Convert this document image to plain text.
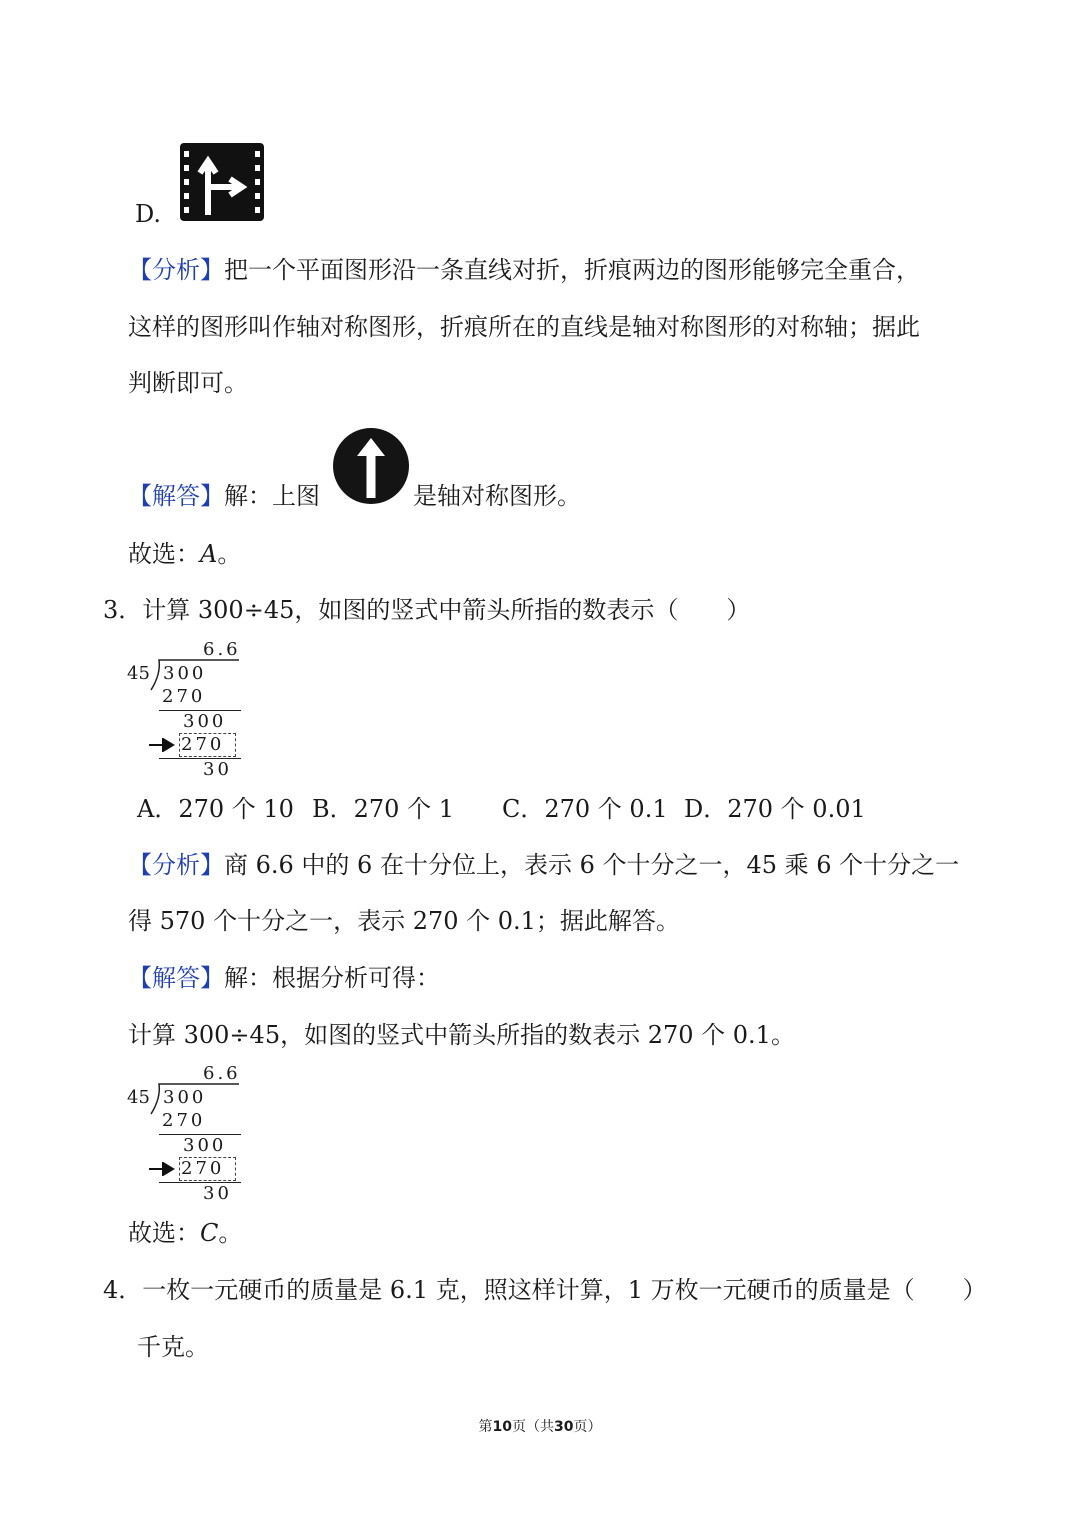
D.
【分析】把一个平面图形沿一条直线对折，折痕两边的图形能够完全重合，
这样的图形叫作轴对称图形，折痕所在的直线是轴对称图形的对称轴；据此
判断即可。
【解答】解：上图	是轴对称图形。
故选：A。
3．计算 300÷45，如图的竖式中箭头所指的数表示（　　）
6.6
45 300
270
300
270
30
A．270 个 10 B．270 个 1 C．270 个 0.1 D．270 个 0.01
【分析】商 6.6 中的 6 在十分位上，表示 6 个十分之一，45 乘 6 个十分之一
得 570 个十分之一，表示 270 个 0.1；据此解答。
【解答】解：根据分析可得：
计算 300÷45，如图的竖式中箭头所指的数表示 270 个 0.1。
6.6
45 300
270
300
270
30
故选：C。
4．一枚一元硬币的质量是 6.1 克，照这样计算，1 万枚一元硬币的质量是（　　）
千克。
第10页（共30页）
